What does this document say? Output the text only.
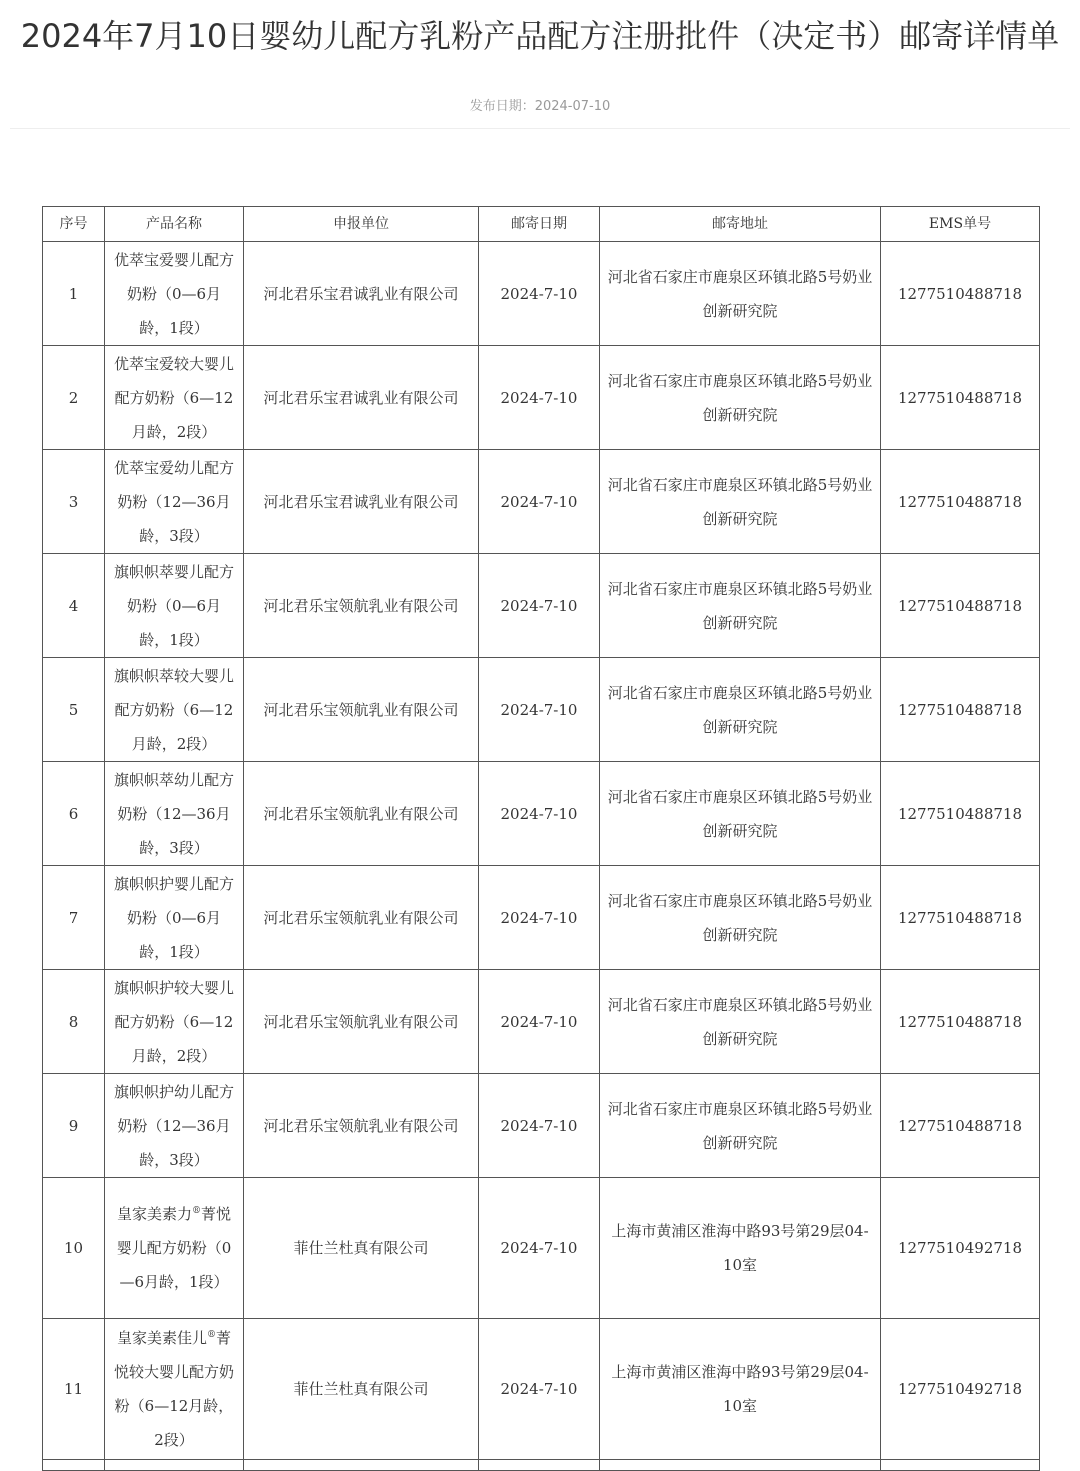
2024年7月10日婴幼儿配方乳粉产品配方注册批件（决定书）邮寄详情单
发布日期：2024-07-10
序号	产品名称	申报单位	邮寄日期	邮寄地址	EMS单号
1	优萃宝爱婴儿配方奶粉（0—6月龄，1段）	河北君乐宝君诚乳业有限公司	2024-7-10	河北省石家庄市鹿泉区环镇北路5号奶业创新研究院	1277510488718
2	优萃宝爱较大婴儿配方奶粉（6—12月龄，2段）	河北君乐宝君诚乳业有限公司	2024-7-10	河北省石家庄市鹿泉区环镇北路5号奶业创新研究院	1277510488718
3	优萃宝爱幼儿配方奶粉（12—36月龄，3段）	河北君乐宝君诚乳业有限公司	2024-7-10	河北省石家庄市鹿泉区环镇北路5号奶业创新研究院	1277510488718
4	旗帜帜萃婴儿配方奶粉（0—6月龄，1段）	河北君乐宝领航乳业有限公司	2024-7-10	河北省石家庄市鹿泉区环镇北路5号奶业创新研究院	1277510488718
5	旗帜帜萃较大婴儿配方奶粉（6—12月龄，2段）	河北君乐宝领航乳业有限公司	2024-7-10	河北省石家庄市鹿泉区环镇北路5号奶业创新研究院	1277510488718
6	旗帜帜萃幼儿配方奶粉（12—36月龄，3段）	河北君乐宝领航乳业有限公司	2024-7-10	河北省石家庄市鹿泉区环镇北路5号奶业创新研究院	1277510488718
7	旗帜帜护婴儿配方奶粉（0—6月龄，1段）	河北君乐宝领航乳业有限公司	2024-7-10	河北省石家庄市鹿泉区环镇北路5号奶业创新研究院	1277510488718
8	旗帜帜护较大婴儿配方奶粉（6—12月龄，2段）	河北君乐宝领航乳业有限公司	2024-7-10	河北省石家庄市鹿泉区环镇北路5号奶业创新研究院	1277510488718
9	旗帜帜护幼儿配方奶粉（12—36月龄，3段）	河北君乐宝领航乳业有限公司	2024-7-10	河北省石家庄市鹿泉区环镇北路5号奶业创新研究院	1277510488718
10	皇家美素力®菁悦婴儿配方奶粉（0—6月龄，1段）	菲仕兰杜真有限公司	2024-7-10	上海市黄浦区淮海中路93号第29层04-10室	1277510492718
11	皇家美素佳儿®菁悦较大婴儿配方奶粉（6—12月龄，2段）	菲仕兰杜真有限公司	2024-7-10	上海市黄浦区淮海中路93号第29层04-10室	1277510492718
